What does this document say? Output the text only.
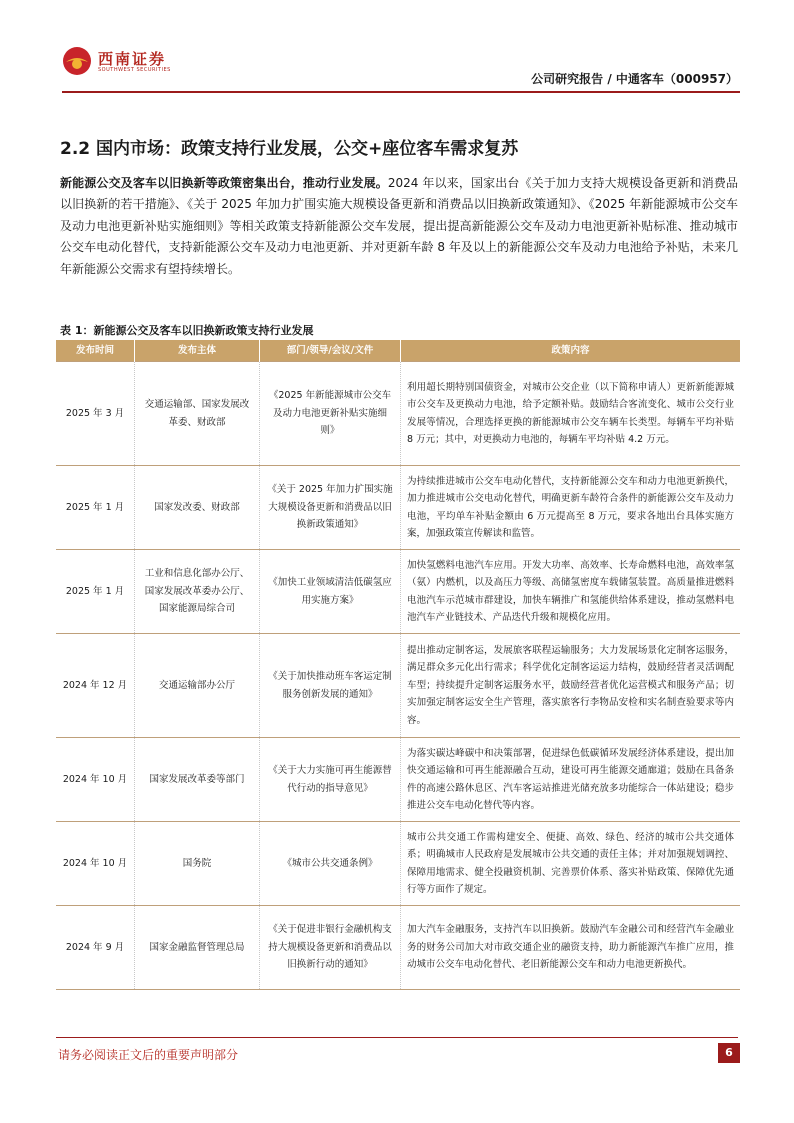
西南证券
SOUTHWEST SECURITIES
公司研究报告 / 中通客车（000957）
2.2 国内市场：政策支持行业发展，公交+座位客车需求复苏
新能源公交及客车以旧换新等政策密集出台，推动行业发展。2024 年以来，国家出台《关于加力支持大规模设备更新和消费品以旧换新的若干措施》、《关于 2025 年加力扩围实施大规模设备更新和消费品以旧换新政策通知》、《2025 年新能源城市公交车及动力电池更新补贴实施细则》等相关政策支持新能源公交车发展，提出提高新能源公交车及动力电池更新补贴标准、推动城市公交车电动化替代，支持新能源公交车及动力电池更新、并对更新车龄 8 年及以上的新能源公交车及动力电池给予补贴，未来几年新能源公交需求有望持续增长。
表 1：新能源公交及客车以旧换新政策支持行业发展
发布时间	发布主体	部门/领导/会议/文件	政策内容
2025 年 3 月	交通运输部、国家发展改革委、财政部	《2025 年新能源城市公交车及动力电池更新补贴实施细则》	利用超长期特别国债资金，对城市公交企业（以下简称申请人）更新新能源城市公交车及更换动力电池，给予定额补贴。鼓励结合客流变化、城市公交行业发展等情况，合理选择更换的新能源城市公交车辆车长类型。每辆车平均补贴 8 万元；其中，对更换动力电池的，每辆车平均补贴 4.2 万元。
2025 年 1 月	国家发改委、财政部	《关于 2025 年加力扩围实施大规模设备更新和消费品以旧换新政策通知》	为持续推进城市公交车电动化替代，支持新能源公交车和动力电池更新换代，加力推进城市公交电动化替代，明确更新车龄符合条件的新能源公交车及动力电池，平均单车补贴金额由 6 万元提高至 8 万元，要求各地出台具体实施方案，加强政策宣传解读和监管。
2025 年 1 月	工业和信息化部办公厅、国家发展改革委办公厅、国家能源局综合司	《加快工业领域清洁低碳氢应用实施方案》	加快氢燃料电池汽车应用。开发大功率、高效率、长寿命燃料电池，高效率氢（氨）内燃机，以及高压力等级、高储氢密度车载储氢装置。高质量推进燃料电池汽车示范城市群建设，加快车辆推广和氢能供给体系建设，推动氢燃料电池汽车产业链技术、产品迭代升级和规模化应用。
2024 年 12 月	交通运输部办公厅	《关于加快推动班车客运定制服务创新发展的通知》	提出推动定制客运，发展旅客联程运输服务；大力发展场景化定制客运服务，满足群众多元化出行需求；科学优化定制客运运力结构，鼓励经营者灵活调配车型；持续提升定制客运服务水平，鼓励经营者优化运营模式和服务产品；切实加强定制客运安全生产管理，落实旅客行李物品安检和实名制查验要求等内容。
2024 年 10 月	国家发展改革委等部门	《关于大力实施可再生能源替代行动的指导意见》	为落实碳达峰碳中和决策部署，促进绿色低碳循环发展经济体系建设，提出加快交通运输和可再生能源融合互动，建设可再生能源交通廊道；鼓励在具备条件的高速公路休息区、汽车客运站推进光储充放多功能综合一体站建设；稳步推进公交车电动化替代等内容。
2024 年 10 月	国务院	《城市公共交通条例》	城市公共交通工作需构建安全、便捷、高效、绿色、经济的城市公共交通体系；明确城市人民政府是发展城市公共交通的责任主体；并对加强规划调控、保障用地需求、健全投融资机制、完善票价体系、落实补贴政策、保障优先通行等方面作了规定。
2024 年 9 月	国家金融监督管理总局	《关于促进非银行金融机构支持大规模设备更新和消费品以旧换新行动的通知》	加大汽车金融服务，支持汽车以旧换新。鼓励汽车金融公司和经营汽车金融业务的财务公司加大对市政交通企业的融资支持，助力新能源汽车推广应用，推动城市公交车电动化替代、老旧新能源公交车和动力电池更新换代。
请务必阅读正文后的重要声明部分	6
